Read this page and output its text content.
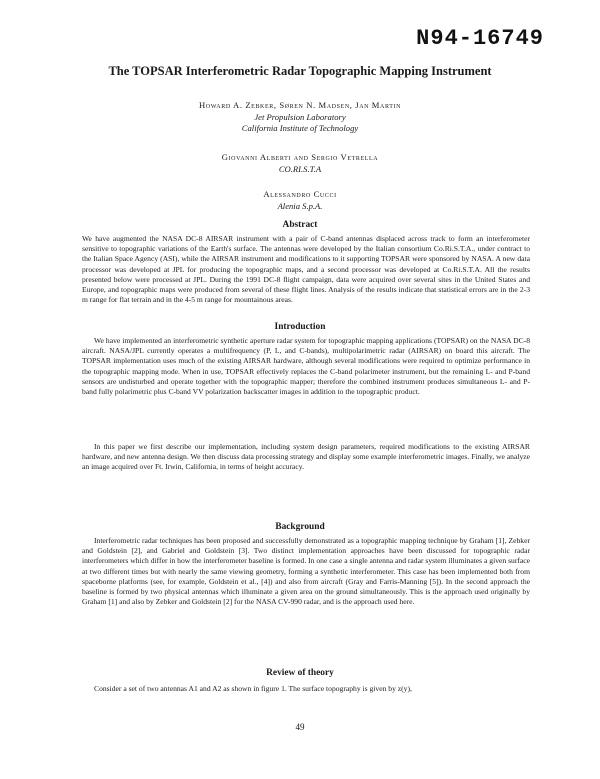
N94-16749
The TOPSAR Interferometric Radar Topographic Mapping Instrument
Howard A. Zebker, Søren N. Madsen, Jan Martin
Jet Propulsion Laboratory
California Institute of Technology
Giovanni Alberti and Sergio Vetrella
CO.RI.S.T.A
Alessandro Cucci
Alenia S.p.A.
Abstract

We have augmented the NASA DC-8 AIRSAR instrument with a pair of C-band antennas displaced across track to form an interferometer sensitive to topographic variations of the Earth's surface. The antennas were developed by the Italian consortium Co.Ri.S.T.A., under contract to the Italian Space Agency (ASI), while the AIRSAR instrument and modifications to it supporting TOPSAR were sponsored by NASA. A new data processor was developed at JPL for producing the topographic maps, and a second processor was developed at Co.Ri.S.T.A. All the results presented below were processed at JPL. During the 1991 DC-8 flight campaign, data were acquired over several sites in the United States and Europe, and topographic maps were produced from several of these flight lines. Analysis of the results indicate that statistical errors are in the 2-3 m range for flat terrain and in the 4-5 m range for mountainous areas.

Introduction

We have implemented an interferometric synthetic aperture radar system for topographic mapping applications (TOPSAR) on the NASA DC-8 aircraft. NASA/JPL currently operates a multifrequency (P, L, and C-bands), multipolarimetric radar (AIRSAR) on board this aircraft. The TOPSAR implementation uses much of the existing AIRSAR hardware, although several modifications were required to optimize performance in the topographic mapping mode. When in use, TOPSAR effectively replaces the C-band polarimeter instrument, but the remaining L- and P-band sensors are undisturbed and operate together with the topographic mapper; therefore the combined instrument produces simultaneous L- and P-band fully polarimetric plus C-band VV polarization backscatter images in addition to the topographic product.

In this paper we first describe our implementation, including system design parameters, required modifications to the existing AIRSAR hardware, and new antenna design. We then discuss data processing strategy and display some example interferometric images. Finally, we analyze an image acquired over Ft. Irwin, California, in terms of height accuracy.

Background

Interferometric radar techniques has been proposed and successfully demonstrated as a topographic mapping technique by Graham [1], Zebker and Goldstein [2], and Gabriel and Goldstein [3]. Two distinct implementation approaches have been discussed for topographic radar interferometers which differ in how the interferometer baseline is formed. In one case a single antenna and radar system illuminates a given surface at two different times but with nearly the same viewing geometry, forming a synthetic interferometer. This case has been implemented both from spaceborne platforms (see, for example, Goldstein et al., [4]) and also from aircraft (Gray and Farris-Manning [5]). In the second approach the baseline is formed by two physical antennas which illuminate a given area on the ground simultaneously. This is the approach used originally by Graham [1] and also by Zebker and Goldstein [2] for the NASA CV-990 radar, and is the approach used here.

Review of theory

Consider a set of two antennas A1 and A2 as shown in figure 1. The surface topography is given by z(y),

49
